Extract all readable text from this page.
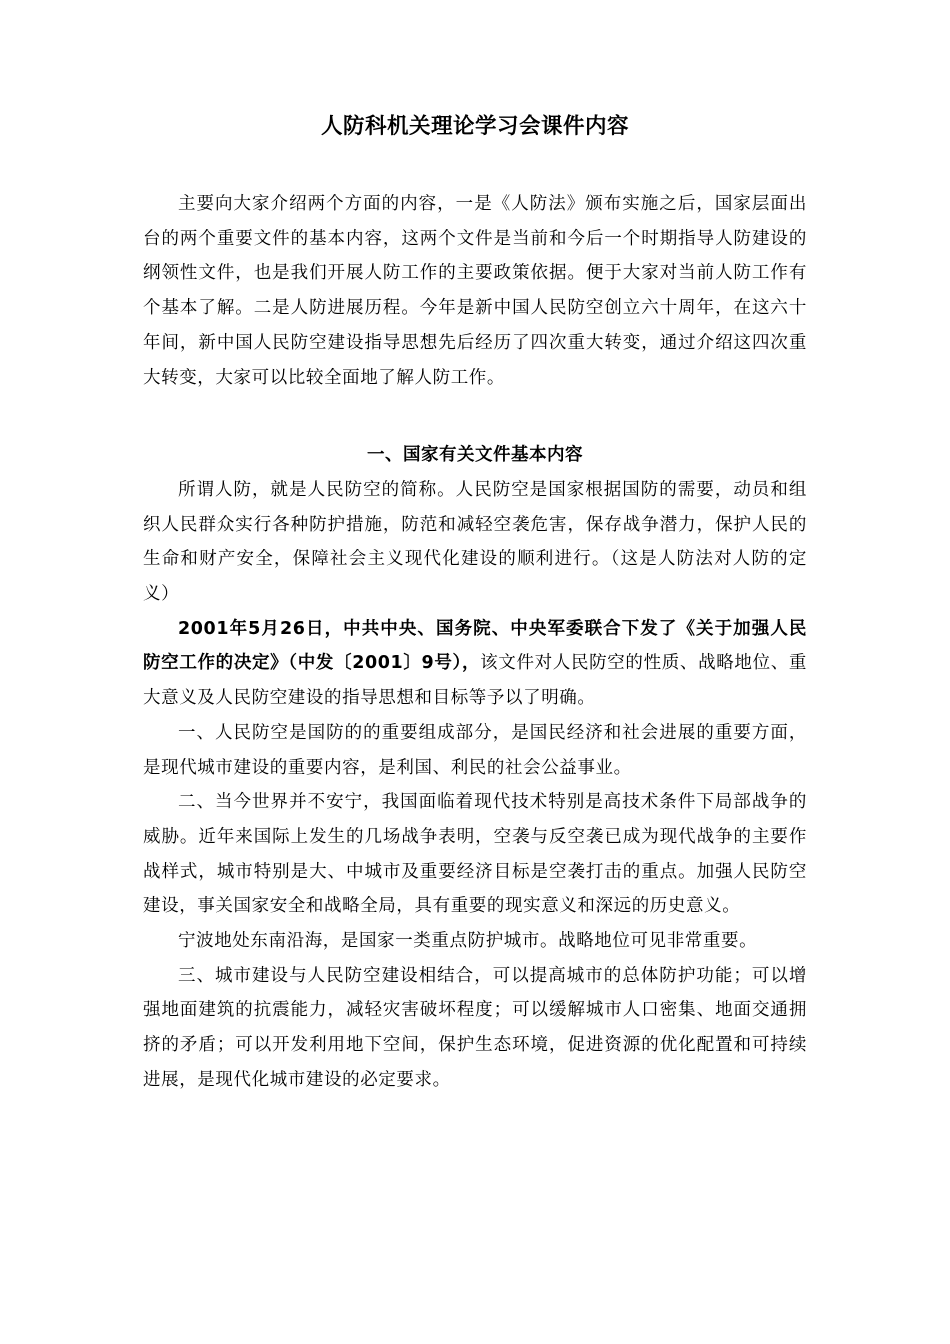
人防科机关理论学习会课件内容

主要向大家介绍两个方面的内容，一是《人防法》颁布实施之后，国家层面出台的两个重要文件的基本内容，这两个文件是当前和今后一个时期指导人防建设的纲领性文件，也是我们开展人防工作的主要政策依据。便于大家对当前人防工作有个基本了解。二是人防进展历程。今年是新中国人民防空创立六十周年，在这六十年间，新中国人民防空建设指导思想先后经历了四次重大转变，通过介绍这四次重大转变，大家可以比较全面地了解人防工作。

一、国家有关文件基本内容

所谓人防，就是人民防空的简称。人民防空是国家根据国防的需要，动员和组织人民群众实行各种防护措施，防范和减轻空袭危害，保存战争潜力，保护人民的生命和财产安全，保障社会主义现代化建设的顺利进行。（这是人防法对人防的定义）

2001年5月26日，中共中央、国务院、中央军委联合下发了《关于加强人民防空工作的决定》（中发〔2001〕9号），该文件对人民防空的性质、战略地位、重大意义及人民防空建设的指导思想和目标等予以了明确。

一、人民防空是国防的的重要组成部分，是国民经济和社会进展的重要方面，是现代城市建设的重要内容，是利国、利民的社会公益事业。

二、当今世界并不安宁，我国面临着现代技术特别是高技术条件下局部战争的威胁。近年来国际上发生的几场战争表明，空袭与反空袭已成为现代战争的主要作战样式，城市特别是大、中城市及重要经济目标是空袭打击的重点。加强人民防空建设，事关国家安全和战略全局，具有重要的现实意义和深远的历史意义。

宁波地处东南沿海，是国家一类重点防护城市。战略地位可见非常重要。

三、城市建设与人民防空建设相结合，可以提高城市的总体防护功能；可以增强地面建筑的抗震能力，减轻灾害破坏程度；可以缓解城市人口密集、地面交通拥挤的矛盾；可以开发利用地下空间，保护生态环境，促进资源的优化配置和可持续进展，是现代化城市建设的必定要求。
